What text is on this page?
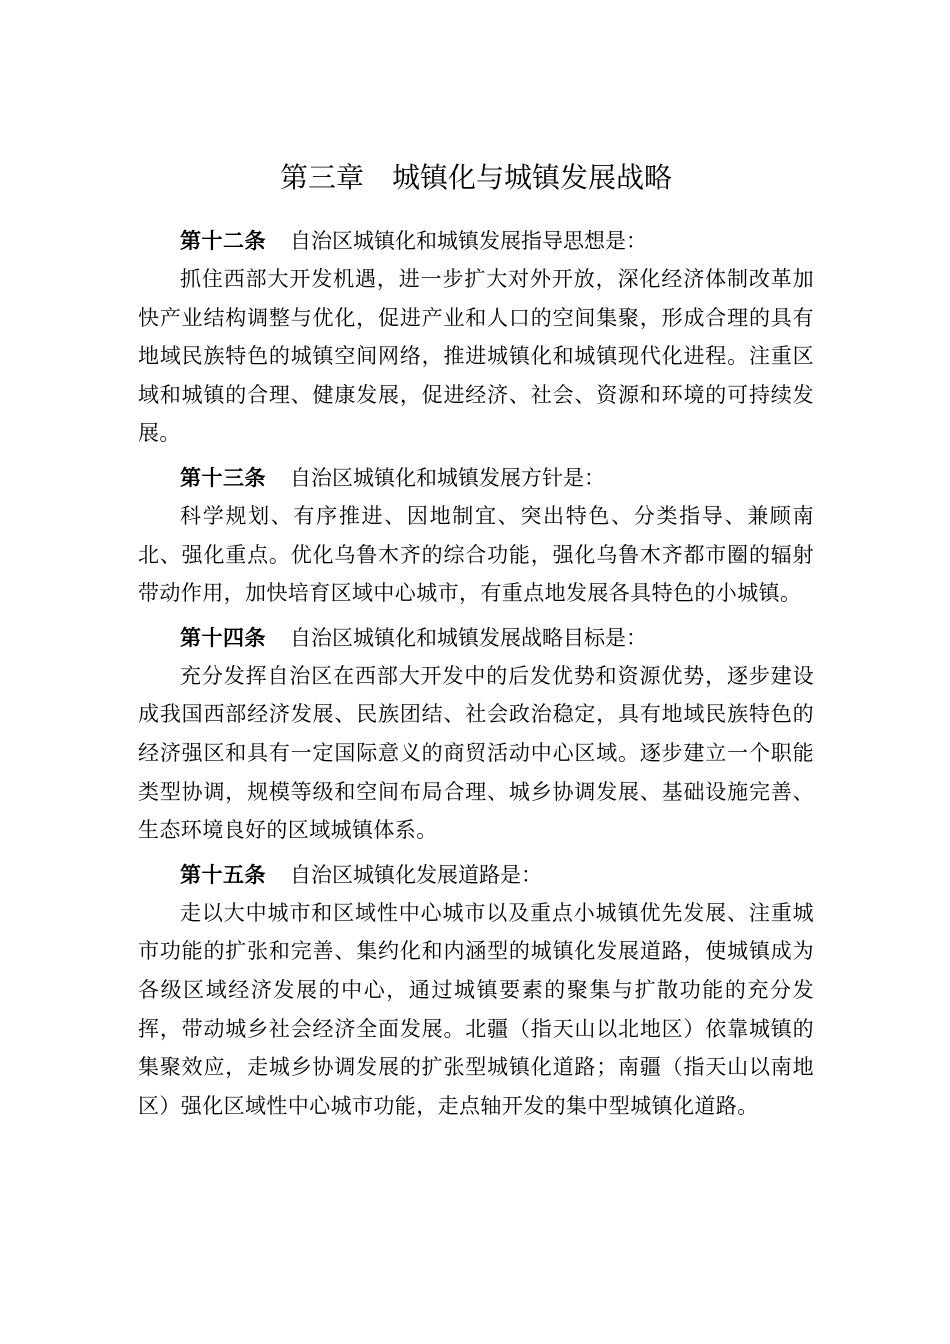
第三章　城镇化与城镇发展战略

第十二条 自治区城镇化和城镇发展指导思想是：

抓住西部大开发机遇，进一步扩大对外开放，深化经济体制改革加快产业结构调整与优化，促进产业和人口的空间集聚，形成合理的具有地域民族特色的城镇空间网络，推进城镇化和城镇现代化进程。注重区域和城镇的合理、健康发展，促进经济、社会、资源和环境的可持续发展。

第十三条 自治区城镇化和城镇发展方针是：

科学规划、有序推进、因地制宜、突出特色、分类指导、兼顾南北、强化重点。优化乌鲁木齐的综合功能，强化乌鲁木齐都市圈的辐射带动作用，加快培育区域中心城市，有重点地发展各具特色的小城镇。

第十四条 自治区城镇化和城镇发展战略目标是：

充分发挥自治区在西部大开发中的后发优势和资源优势，逐步建设成我国西部经济发展、民族团结、社会政治稳定，具有地域民族特色的经济强区和具有一定国际意义的商贸活动中心区域。逐步建立一个职能类型协调，规模等级和空间布局合理、城乡协调发展、基础设施完善、生态环境良好的区域城镇体系。

第十五条 自治区城镇化发展道路是：

走以大中城市和区域性中心城市以及重点小城镇优先发展、注重城市功能的扩张和完善、集约化和内涵型的城镇化发展道路，使城镇成为各级区域经济发展的中心，通过城镇要素的聚集与扩散功能的充分发挥，带动城乡社会经济全面发展。北疆（指天山以北地区）依靠城镇的集聚效应，走城乡协调发展的扩张型城镇化道路；南疆（指天山以南地区）强化区域性中心城市功能，走点轴开发的集中型城镇化道路。
